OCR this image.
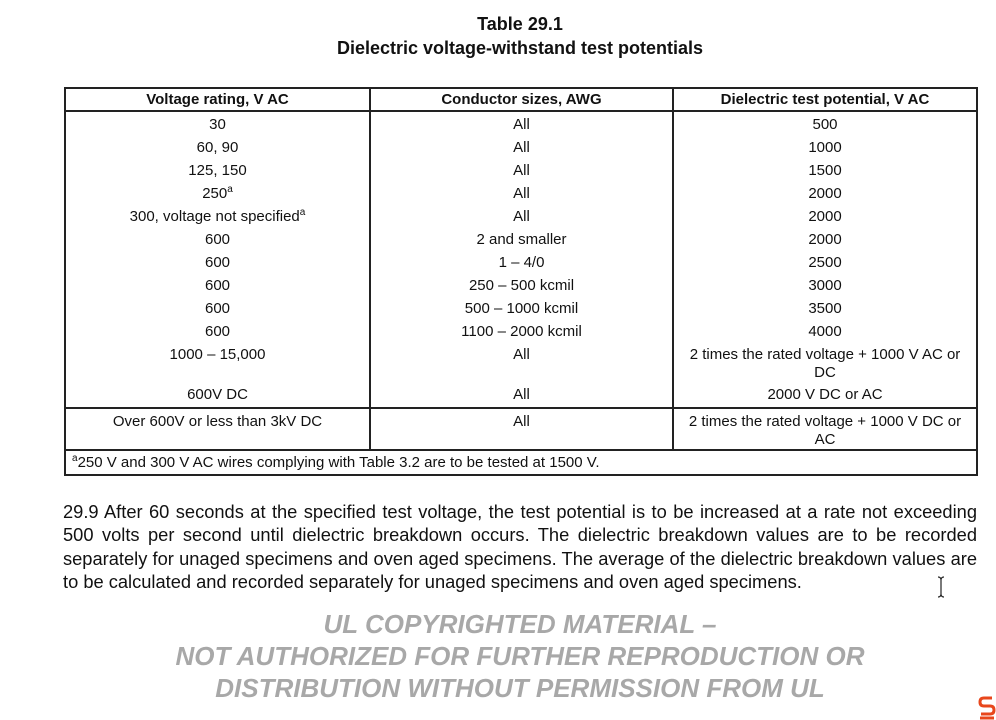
Table 29.1
Dielectric voltage-withstand test potentials
Voltage rating, V AC	Conductor sizes, AWG	Dielectric test potential, V AC
30	All	500
60, 90	All	1000
125, 150	All	1500
250$^a$	All	2000
300, voltage not specified$^a$	All	2000
600	2 and smaller	2000
600	1 – 4/0	2500
600	250 – 500 kcmil	3000
600	500 – 1000 kcmil	3500
600	1100 – 2000 kcmil	4000
1000 – 15,000	All	2 times the rated voltage + 1000 V AC or DC
600V DC	All	2000 V DC or AC
Over 600V or less than 3kV DC	All	2 times the rated voltage + 1000 V DC or AC
$^a$250 V and 300 V AC wires complying with Table 3.2 are to be tested at 1500 V.		
29.9 After 60 seconds at the specified test voltage, the test potential is to be increased at a rate not exceeding 500 volts per second until dielectric breakdown occurs. The dielectric breakdown values are to be recorded separately for unaged specimens and oven aged specimens. The average of the dielectric breakdown values are to be calculated and recorded separately for unaged specimens and oven aged specimens.
UL COPYRIGHTED MATERIAL –
NOT AUTHORIZED FOR FURTHER REPRODUCTION OR
DISTRIBUTION WITHOUT PERMISSION FROM UL
